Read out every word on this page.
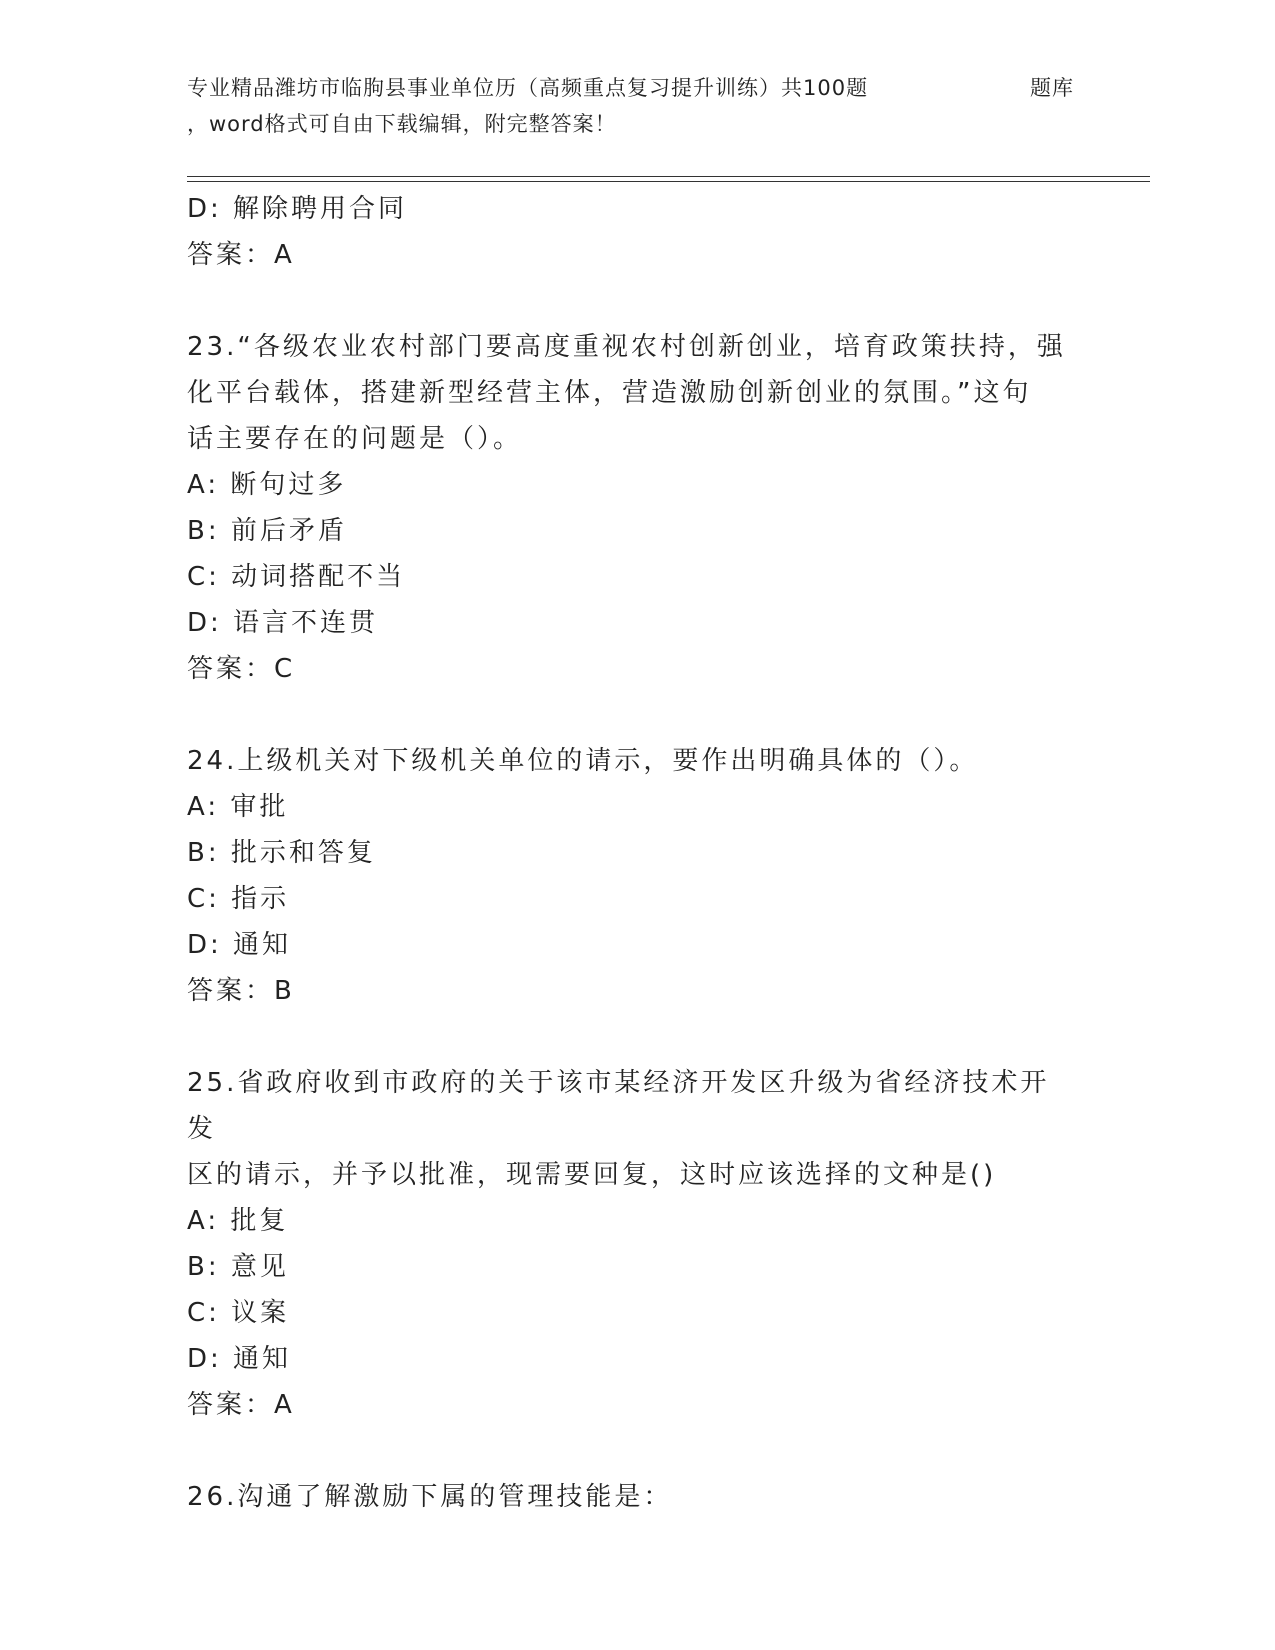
专业精品潍坊市临朐县事业单位历（高频重点复习提升训练）共100题	题库
，word格式可自由下载编辑，附完整答案！
D: 解除聘用合同
答案：A
23.“各级农业农村部门要高度重视农村创新创业，培育政策扶持，强
化平台载体，搭建新型经营主体，营造激励创新创业的氛围。”这句
话主要存在的问题是（）。
A: 断句过多
B: 前后矛盾
C: 动词搭配不当
D: 语言不连贯
答案：C
24.上级机关对下级机关单位的请示，要作出明确具体的（）。
A: 审批
B: 批示和答复
C: 指示
D: 通知
答案：B
25.省政府收到市政府的关于该市某经济开发区升级为省经济技术开发
区的请示，并予以批准，现需要回复，这时应该选择的文种是()
A: 批复
B: 意见
C: 议案
D: 通知
答案：A
26.沟通了解激励下属的管理技能是：
